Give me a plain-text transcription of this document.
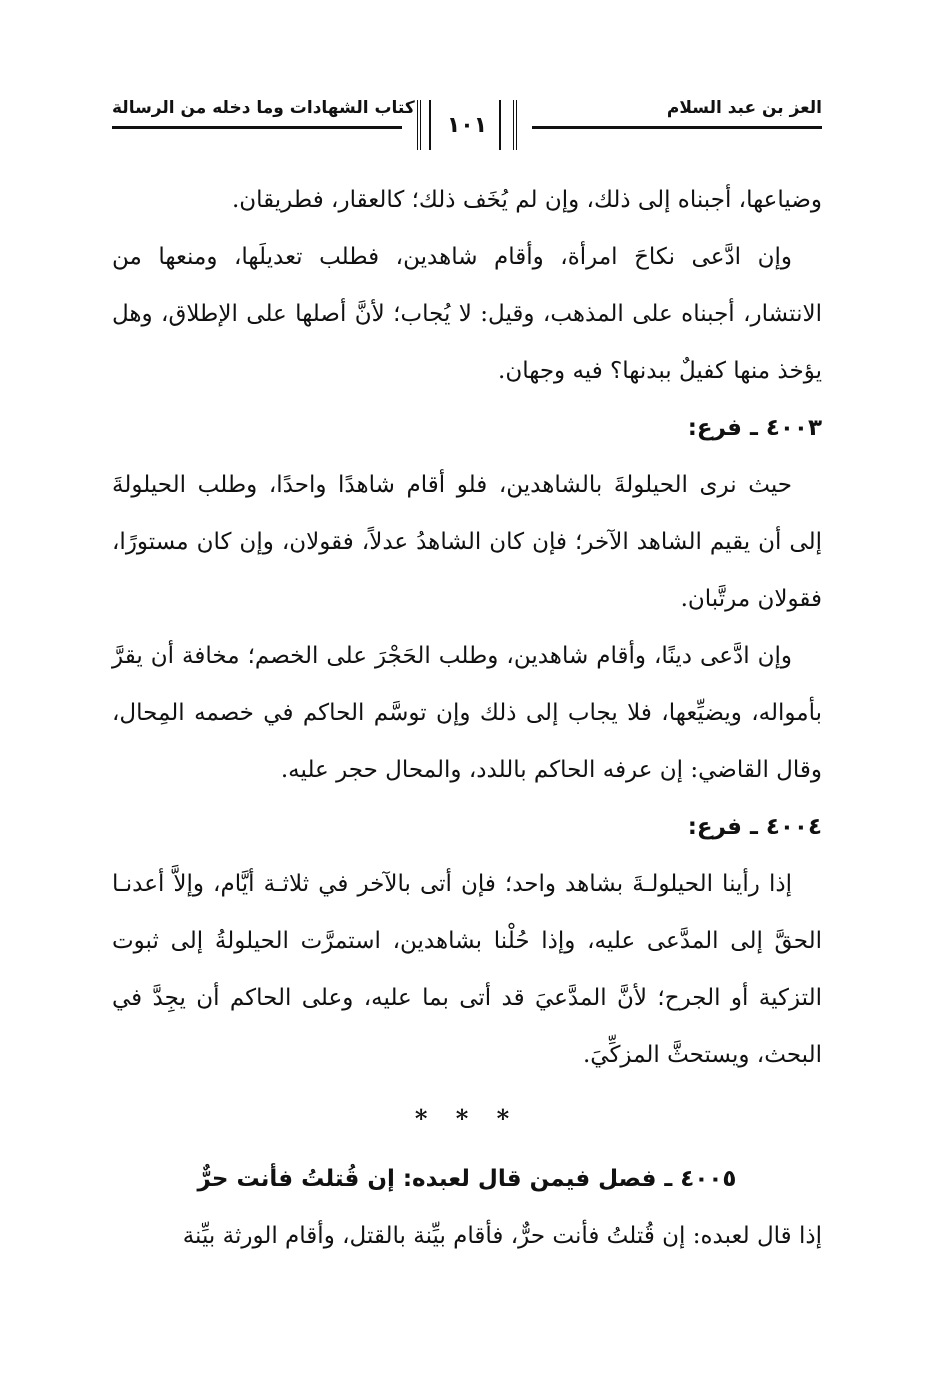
العز بن عبد السلام
كتاب الشهادات وما دخله من الرسالة
١٠١

وضياعها، أجبناه إلى ذلك، وإن لم يُخَف ذلك؛ كالعقار، فطريقان.

وإن ادَّعى نكاحَ امرأة، وأقام شاهدين، فطلب تعديلَها، ومنعها من الانتشار، أجبناه على المذهب، وقيل: لا يُجاب؛ لأنَّ أصلها على الإطلاق، وهل يؤخذ منها كفيلٌ ببدنها؟ فيه وجهان.

٤٠٠٣ ـ فرع:

حيث نرى الحيلولةَ بالشاهدين، فلو أقام شاهدًا واحدًا، وطلب الحيلولةَ إلى أن يقيم الشاهد الآخر؛ فإن كان الشاهدُ عدلاً، فقولان، وإن كان مستورًا، فقولان مرتَّبان.

وإن ادَّعى دينًا، وأقام شاهدين، وطلب الحَجْرَ على الخصم؛ مخافة أن يقرَّ بأمواله، ويضيِّعها، فلا يجاب إلى ذلك وإن توسَّم الحاكم في خصمه المِحال، وقال القاضي: إن عرفه الحاكم باللدد، والمحال حجر عليه.

٤٠٠٤ ـ فرع:

إذا رأينا الحيلولـةَ بشاهد واحد؛ فإن أتى بالآخر في ثلاثـة أيَّام، وإلاَّ أعدنـا الحقَّ إلى المدَّعى عليه، وإذا حُلْنا بشاهدين، استمرَّت الحيلولةُ إلى ثبوت التزكية أو الجرح؛ لأنَّ المدَّعيَ قد أتى بما عليه، وعلى الحاكم أن يجِدَّ في البحث، ويستحثَّ المزكِّيَ.

* * *

٤٠٠٥ ـ فصل فيمن قال لعبده: إن قُتلتُ فأنت حرٌّ

إذا قال لعبده: إن قُتلتُ فأنت حرٌّ، فأقام بيِّنة بالقتل، وأقام الورثة بيِّنة
